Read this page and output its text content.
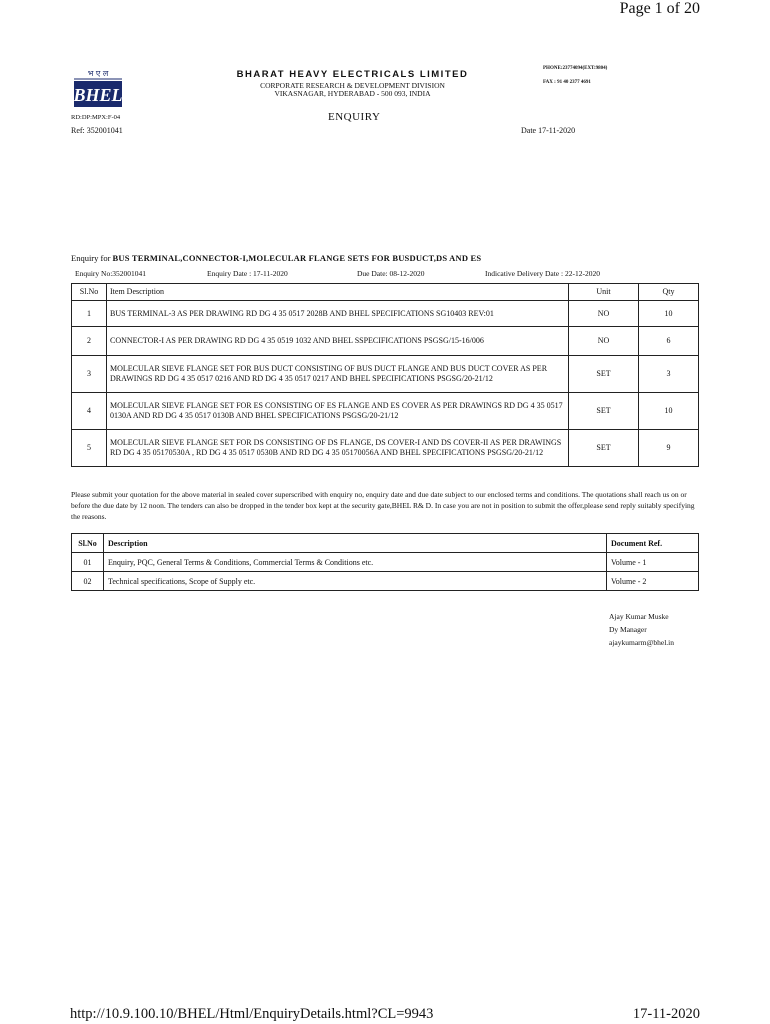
Page 1 of 20
भ ए ल
BHEL
BHARAT HEAVY ELECTRICALS LIMITED
CORPORATE RESEARCH & DEVELOPMENT DIVISION
VIKASNAGAR, HYDERABAD - 500 093, INDIA
PHONE:23774094(EXT:9804)
FAX : 91 40 2377 4691
RD:DP:MPX:F-04	ENQUIRY
Ref: 352001041	Date 17-11-2020
Enquiry for BUS TERMINAL,CONNECTOR-I,MOLECULAR FLANGE SETS FOR BUSDUCT,DS AND ES
Enquiry No:352001041	Enquiry Date : 17-11-2020	Due Date: 08-12-2020	Indicative Delivery Date : 22-12-2020
Sl.No	Item Description	Unit	Qty
1	BUS TERMINAL-3 AS PER DRAWING RD DG 4 35 0517 2028B AND BHEL SPECIFICATIONS SG10403 REV:01	NO	10
2	CONNECTOR-I AS PER DRAWING RD DG 4 35 0519 1032 AND BHEL SSPECIFICATIONS PSGSG/15-16/006	NO	6
3	MOLECULAR SIEVE FLANGE SET FOR BUS DUCT CONSISTING OF BUS DUCT FLANGE AND BUS DUCT COVER AS PER DRAWINGS RD DG 4 35 0517 0216 AND RD DG 4 35 0517 0217 AND BHEL SPECIFICATIONS PSGSG/20-21/12	SET	3
4	MOLECULAR SIEVE FLANGE SET FOR ES CONSISTING OF ES FLANGE AND ES COVER AS PER DRAWINGS RD DG 4 35 0517 0130A AND RD DG 4 35 0517 0130B AND BHEL SPECIFICATIONS PSGSG/20-21/12	SET	10
5	MOLECULAR SIEVE FLANGE SET FOR DS CONSISTING OF DS FLANGE, DS COVER-I AND DS COVER-II AS PER DRAWINGS RD DG 4 35 05170530A , RD DG 4 35 0517 0530B AND RD DG 4 35 05170056A AND BHEL SPECIFICATIONS PSGSG/20-21/12	SET	9
Please submit your quotation for the above material in sealed cover superscribed with enquiry no, enquiry date and due date subject to our enclosed terms and conditions. The quotations shall reach us on or before the due date by 12 noon. The tenders can also be dropped in the tender box kept at the security gate,BHEL R& D. In case you are not in position to submit the offer,please send reply suitably specifying the reasons.
Sl.No	Description	Document Ref.
01	Enquiry, PQC, General Terms & Conditions, Commercial Terms & Conditions etc.	Volume - 1
02	Technical specifications, Scope of Supply etc.	Volume - 2
Ajay Kumar Muske
Dy Manager
ajaykumarm@bhel.in
http://10.9.100.10/BHEL/Html/EnquiryDetails.html?CL=9943	17-11-2020
